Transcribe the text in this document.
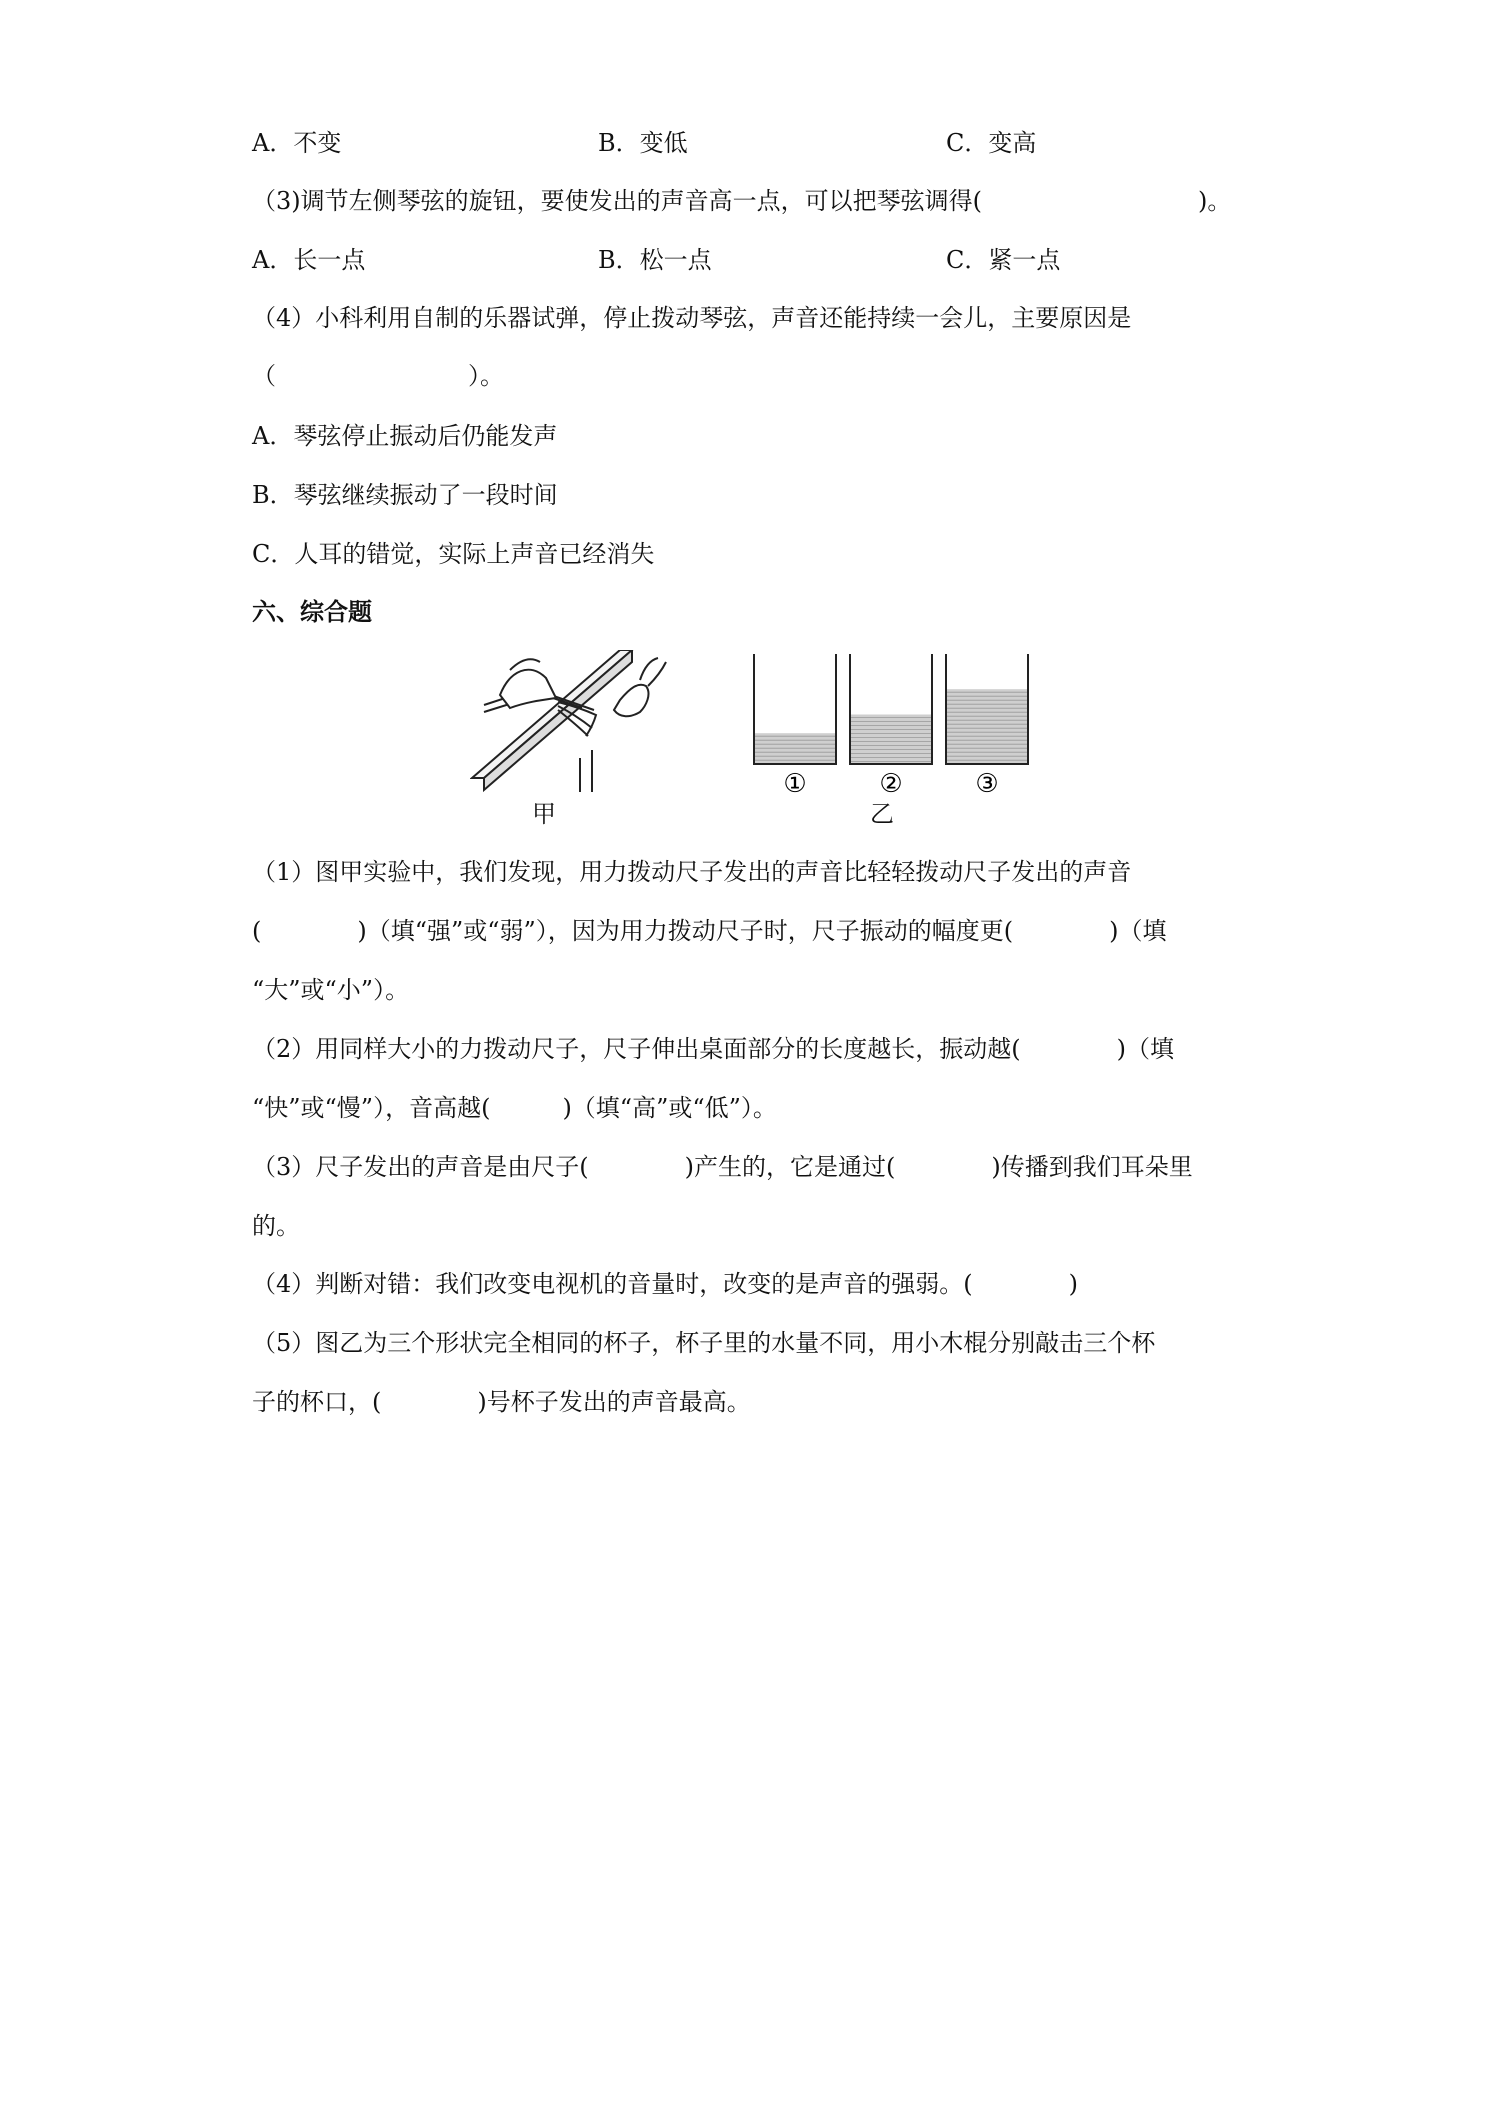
A．不变	B．变低	C．变高
（3)调节左侧琴弦的旋钮，要使发出的声音高一点，可以把琴弦调得(　　　　　　　　　)。
A．长一点	B．松一点	C．紧一点
（4）小科利用自制的乐器试弹，停止拨动琴弦，声音还能持续一会儿，主要原因是
（　　　　　　　　）。
A．琴弦停止振动后仍能发声
B．琴弦继续振动了一段时间
C．人耳的错觉，实际上声音已经消失
六、综合题
①	②	③
甲	乙
（1）图甲实验中，我们发现，用力拨动尺子发出的声音比轻轻拨动尺子发出的声音
(　　　　)（填“强”或“弱”），因为用力拨动尺子时，尺子振动的幅度更(　　　　)（填
“大”或“小”）。
（2）用同样大小的力拨动尺子，尺子伸出桌面部分的长度越长，振动越(　　　　)（填
“快”或“慢”），音高越(　　　)（填“高”或“低”）。
（3）尺子发出的声音是由尺子(　　　　)产生的，它是通过(　　　　)传播到我们耳朵里
的。
（4）判断对错：我们改变电视机的音量时，改变的是声音的强弱。(　　　　)
（5）图乙为三个形状完全相同的杯子，杯子里的水量不同，用小木棍分别敲击三个杯
子的杯口，(　　　　)号杯子发出的声音最高。
